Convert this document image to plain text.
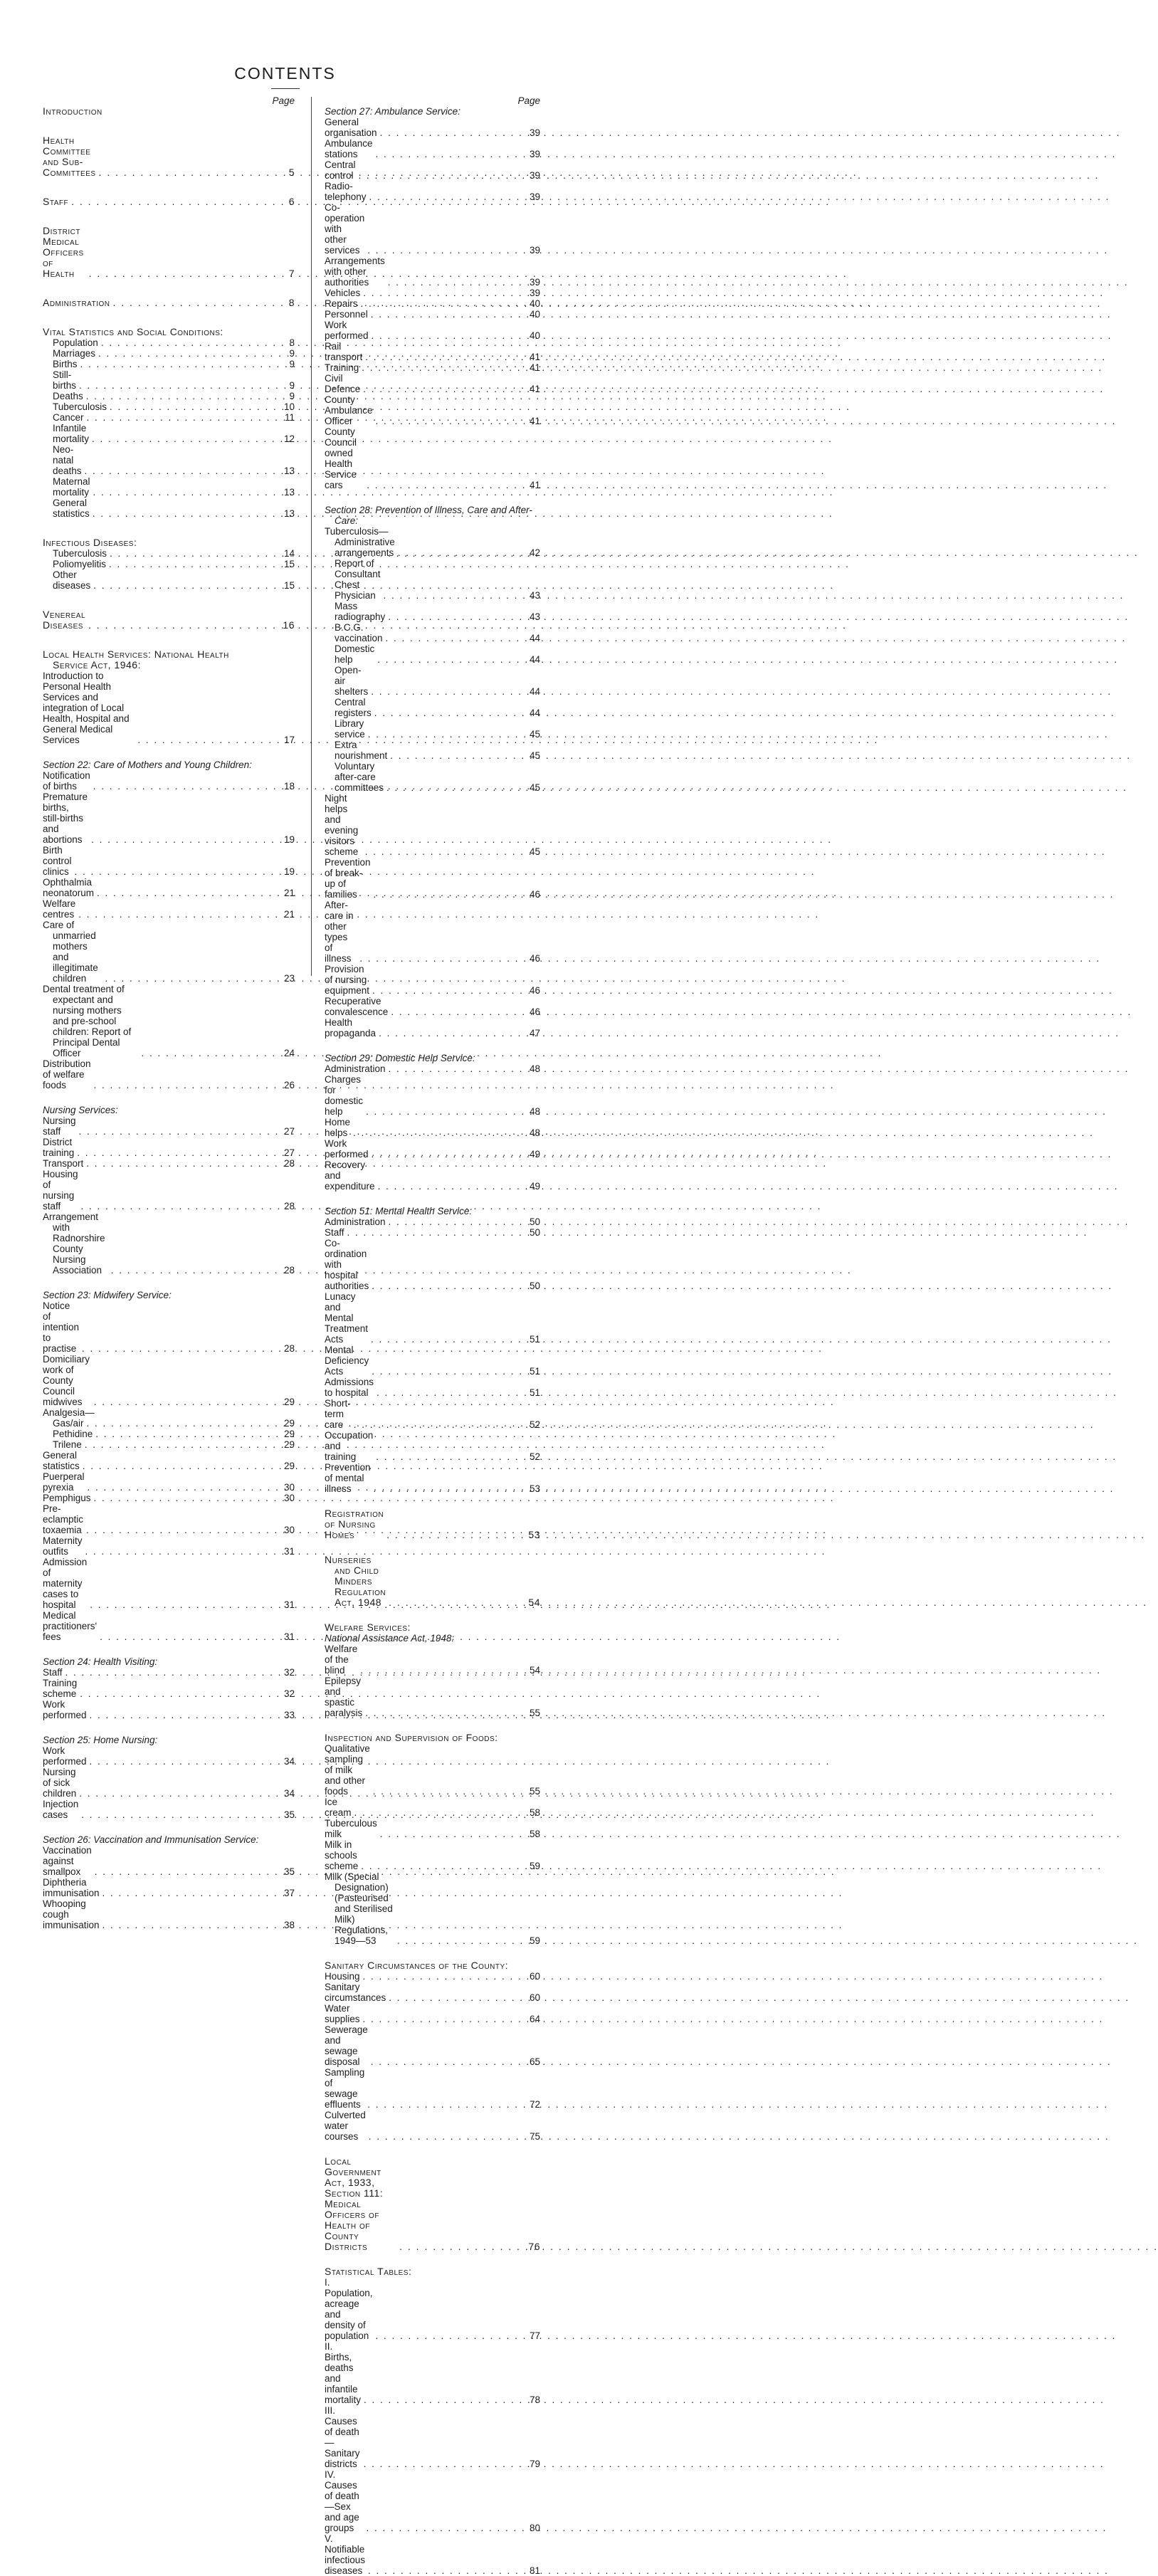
CONTENTS
Page
Introduction
Health Committee and Sub-Committees . . .	5
Staff . . .	6
District Medical Officers of Health . . .	7
Administration . . .	8
Vital Statistics and Social Conditions:
Population . . .	8
Marriages . . .	9
Births . . .	9
Still-births . . .	9
Deaths . . .	9
Tuberculosis . . .	10
Cancer . . .	11
Infantile mortality . . .	12
Neo-natal deaths . . .	13
Maternal mortality . . .	13
General statistics . . .	13
Infectious Diseases:
Tuberculosis . . .	14
Poliomyelitis . . .	15
Other diseases . . .	15
Venereal Diseases . . .	16
Local Health Services: National Health
Service Act, 1946:
Introduction to Personal Health Services and integration of Local Health, Hospital and General Medical Services . . .	17
Section 22: Care of Mothers and Young Children:
Notification of births . . .	18
Premature births, still-births and abortions . . .	19
Birth control clinics . . .	19
Ophthalmia neonatorum . . .	21
Welfare centres . . .	21
Care of unmarried mothers and illegitimate children . . .	23
Dental treatment of expectant and nursing mothers and pre-school children: Report of Principal Dental Officer . . .	24
Distribution of welfare foods . . .	26
Nursing Services:
Nursing staff . . .	27
District training . . .	27
Transport . . .	28
Housing of nursing staff . . .	28
Arrangement with Radnorshire County Nursing Association . . .	28
Section 23: Midwifery Service:
Notice of intention to practise . . .	28
Domiciliary work of County Council midwives . . .	29
Analgesia—
Gas/air . . .	29
Pethidine . . .	29
Trilene . . .	29
General statistics . . .	29
Puerperal pyrexia . . .	30
Pemphigus . . .	30
Pre-eclamptic toxaemia . . .	30
Maternity outfits . . .	31
Admission of maternity cases to hospital . . .	31
Medical practitioners' fees . . .	31
Section 24: Health Visiting:
Staff . . .	32
Training scheme . . .	32
Work performed . . .	33
Section 25: Home Nursing:
Work performed . . .	34
Nursing of sick children . . .	34
Injection cases . . .	35
Section 26: Vaccination and Immunisation Service:
Vaccination against smallpox . . .	35
Diphtheria immunisation . . .	37
Whooping cough immunisation . . .	38
Page
Section 27: Ambulance Service:
General organisation . . .	39
Ambulance stations . . .	39
Central control . . .	39
Radio-telephony . . .	39
Co-operation with other services . . .	39
Arrangements with other authorities . . .	39
Vehicles . . .	39
Repairs . . .	40
Personnel . . .	40
Work performed . . .	40
Rail transport . . .	41
Training . . .	41
Civil Defence . . .	41
County Ambulance Officer . . .	41
County Council owned Health Service cars . . .	41
Section 28: Prevention of Illness, Care and After-Care:
Tuberculosis—
Administrative arrangements . . .	42
Report of Consultant Chest Physician . . .	43
Mass radiography . . .	43
B.C.G. vaccination . . .	44
Domestic help . . .	44
Open-air shelters . . .	44
Central registers . . .	44
Library service . . .	45
Extra nourishment . . .	45
Voluntary after-care committees . . .	45
Night helps and evening visitors scheme . . .	45
Prevention of break-up of families . . .	46
After-care in other types of illness . . .	46
Provision of nursing equipment . . .	46
Recuperative convalescence . . .	46
Health propaganda . . .	47
Section 29: Domestic Help Service:
Administration . . .	48
Charges for domestic help . . .	48
Home helps . . .	48
Work performed . . .	49
Recovery and expenditure . . .	49
Section 51: Mental Health Service:
Administration . . .	50
Staff . . .	50
Co-ordination with hospital authorities . . .	50
Lunacy and Mental Treatment Acts . . .	51
Mental Deficiency Acts . . .	51
Admissions to hospital . . .	51
Short-term care . . .	52
Occupation and training . . .	52
Prevention of mental illness . . .	53
Registration of Nursing Homes . . .	53
Nurseries and Child Minders Regulation Act, 1948 . . .	54
Welfare Services:
National Assistance Act, 1948:
Welfare of the blind . . .	54
Epilepsy and spastic paralysis . . .	55
Inspection and Supervision of Foods:
Qualitative sampling of milk and other foods . . .	55
Ice cream . . .	58
Tuberculous milk . . .	58
Milk in schools scheme . . .	59
Milk (Special Designation) (Pasteurised and Sterilised Milk) Regulations, 1949—53 . . .	59
Sanitary Circumstances of the County:
Housing . . .	60
Sanitary circumstances . . .	60
Water supplies . . .	64
Sewerage and sewage disposal . . .	65
Sampling of sewage effluents . . .	72
Culverted water courses . . .	75
Local Government Act, 1933, Section 111: Medical Officers of Health of County Districts . . .	76
Statistical Tables:
I. Population, acreage and density of population . . .	77
II. Births, deaths and infantile mortality . . .	78
III. Causes of death—Sanitary districts . . .	79
IV. Causes of death—Sex and age groups . . .	80
V. Notifiable infectious diseases . . .	81
